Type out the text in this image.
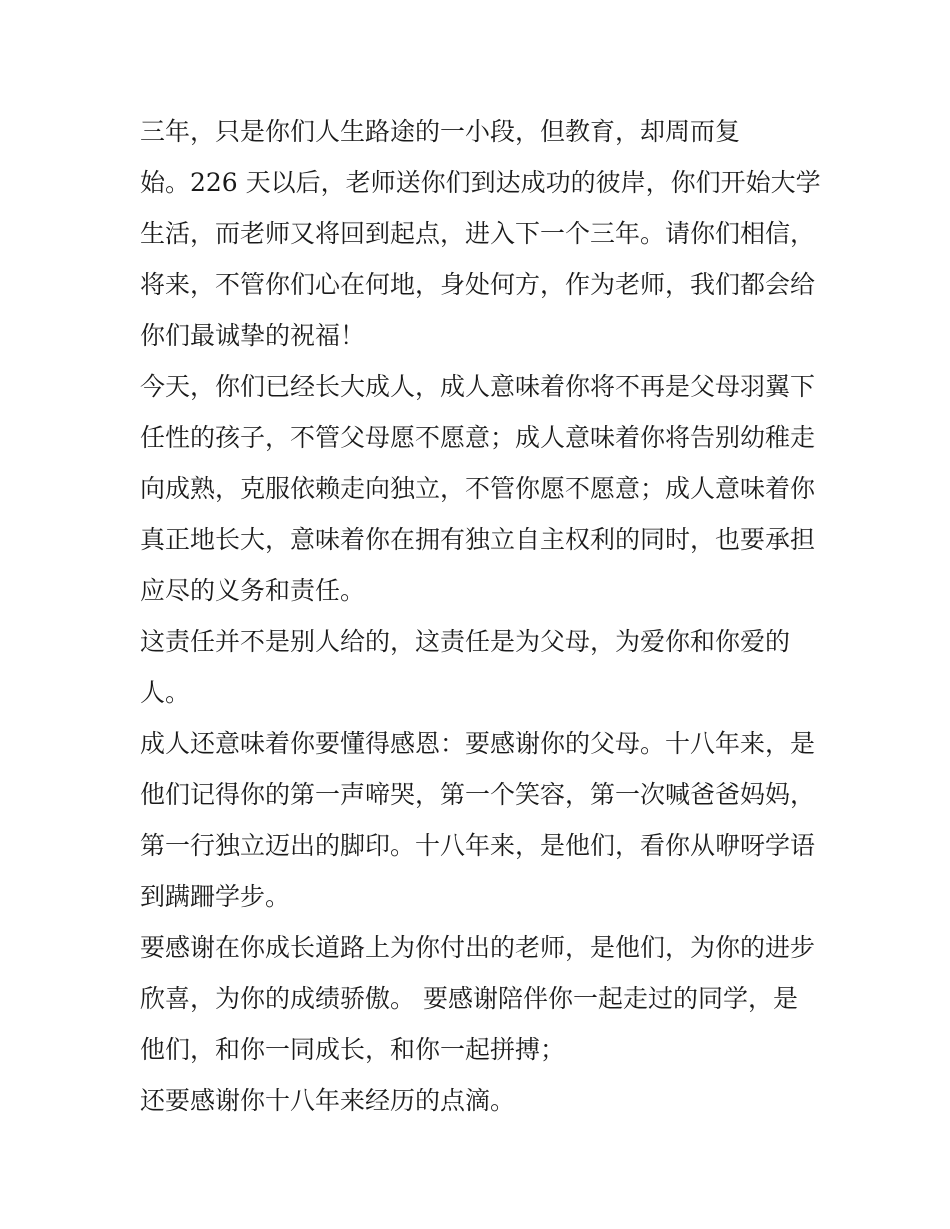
三年，只是你们人生路途的一小段，但教育，却周而复
始。226 天以后，老师送你们到达成功的彼岸，你们开始大学
生活，而老师又将回到起点，进入下一个三年。请你们相信，
将来，不管你们心在何地，身处何方，作为老师，我们都会给
你们最诚挚的祝福！
今天，你们已经长大成人，成人意味着你将不再是父母羽翼下
任性的孩子，不管父母愿不愿意；成人意味着你将告别幼稚走
向成熟，克服依赖走向独立，不管你愿不愿意；成人意味着你
真正地长大，意味着你在拥有独立自主权利的同时，也要承担
应尽的义务和责任。
这责任并不是别人给的，这责任是为父母，为爱你和你爱的
人。
成人还意味着你要懂得感恩：要感谢你的父母。十八年来，是
他们记得你的第一声啼哭，第一个笑容，第一次喊爸爸妈妈，
第一行独立迈出的脚印。十八年来，是他们，看你从咿呀学语
到蹒跚学步。
要感谢在你成长道路上为你付出的老师，是他们，为你的进步
欣喜，为你的成绩骄傲。 要感谢陪伴你一起走过的同学，是
他们，和你一同成长，和你一起拼搏；
还要感谢你十八年来经历的点滴。
